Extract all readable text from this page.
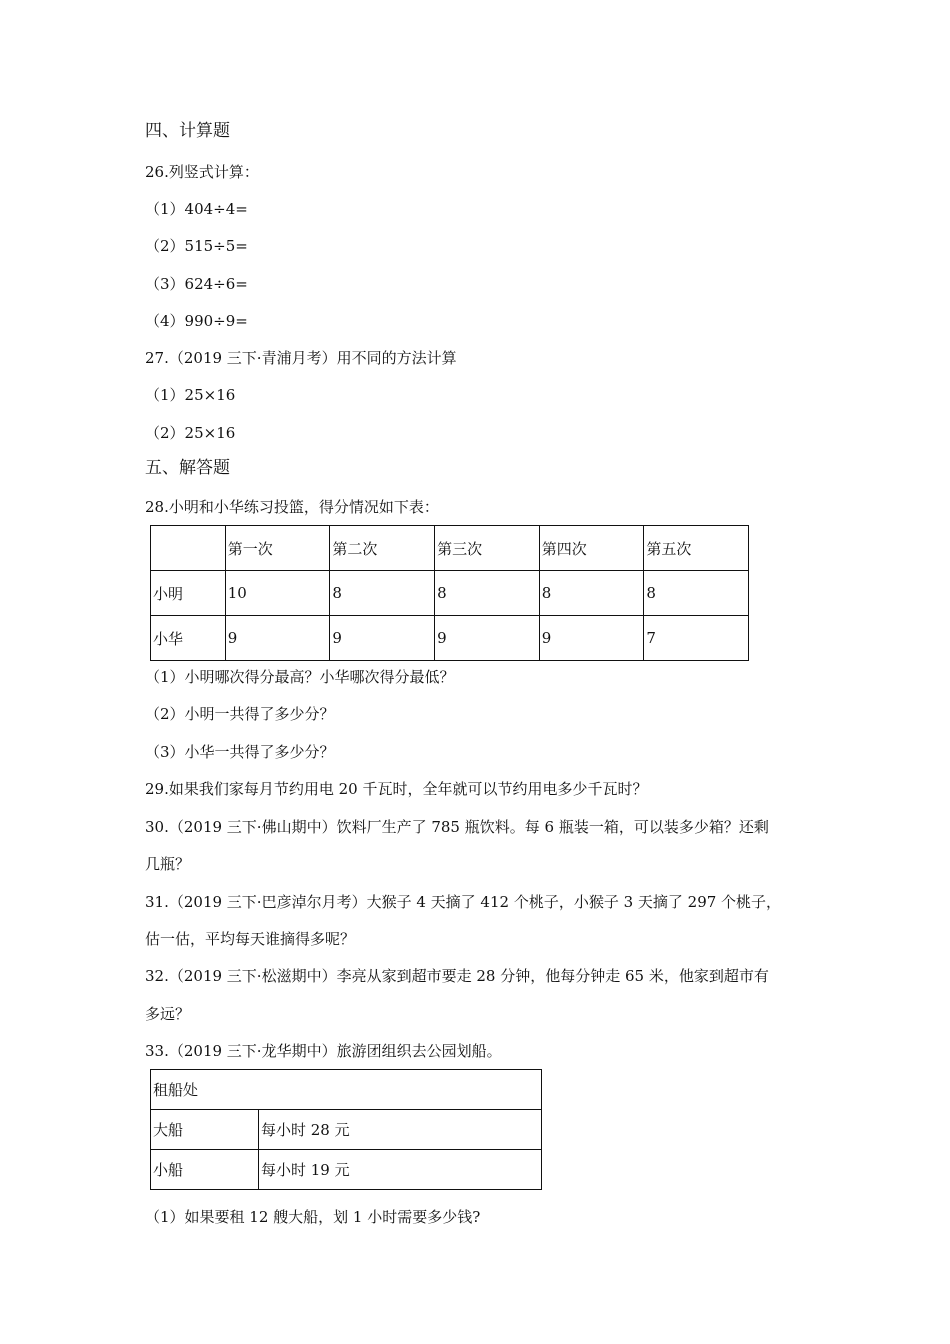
四、计算题
26.列竖式计算：
（1）404÷4=
（2）515÷5=
（3）624÷6=
（4）990÷9=
27.（2019 三下·青浦月考）用不同的方法计算
（1）25×16
（2）25×16
五、解答题
28.小明和小华练习投篮，得分情况如下表：
	第一次	第二次	第三次	第四次	第五次
小明	10	8	8	8	8
小华	9	9	9	9	7
（1）小明哪次得分最高？小华哪次得分最低？
（2）小明一共得了多少分？
（3）小华一共得了多少分？
29.如果我们家每月节约用电 20 千瓦时，全年就可以节约用电多少千瓦时？
30.（2019 三下·佛山期中）饮料厂生产了 785 瓶饮料。每 6 瓶装一箱，可以装多少箱？还剩
几瓶？
31.（2019 三下·巴彦淖尔月考）大猴子 4 天摘了 412 个桃子，小猴子 3 天摘了 297 个桃子，
估一估，平均每天谁摘得多呢？
32.（2019 三下·松滋期中）李亮从家到超市要走 28 分钟，他每分钟走 65 米，他家到超市有
多远？
33.（2019 三下·龙华期中）旅游团组织去公园划船。
租船处	
大船	每小时 28 元
小船	每小时 19 元
（1）如果要租 12 艘大船，划 1 小时需要多少钱?
